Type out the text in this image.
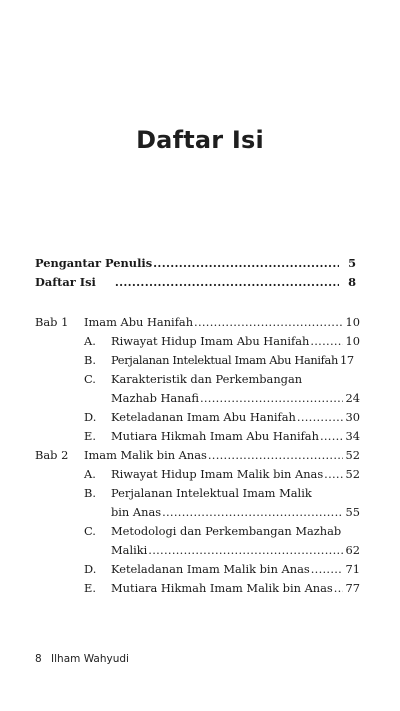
Daftar Isi
Pengantar Penulis .....	5
Daftar Isi .....	8
Bab 1 Imam Abu Hanifah .....	10
A. Riwayat Hidup Imam Abu Hanifah .....	10
B. Perjalanan Intelektual Imam Abu Hanifah 17
C. Karakteristik dan Perkembangan
Mazhab Hanafi .....	24
D. Keteladanan Imam Abu Hanifah .....	30
E. Mutiara Hikmah Imam Abu Hanifah ..... 34
Bab 2 Imam Malik bin Anas .....	52
A. Riwayat Hidup Imam Malik bin Anas ..... 52
B. Perjalanan Intelektual Imam Malik
bin Anas .....	55
C. Metodologi dan Perkembangan Mazhab
Maliki .....	62
D. Keteladanan Imam Malik bin Anas .....	71
E. Mutiara Hikmah Imam Malik bin Anas ..... 77
8 Ilham Wahyudi
